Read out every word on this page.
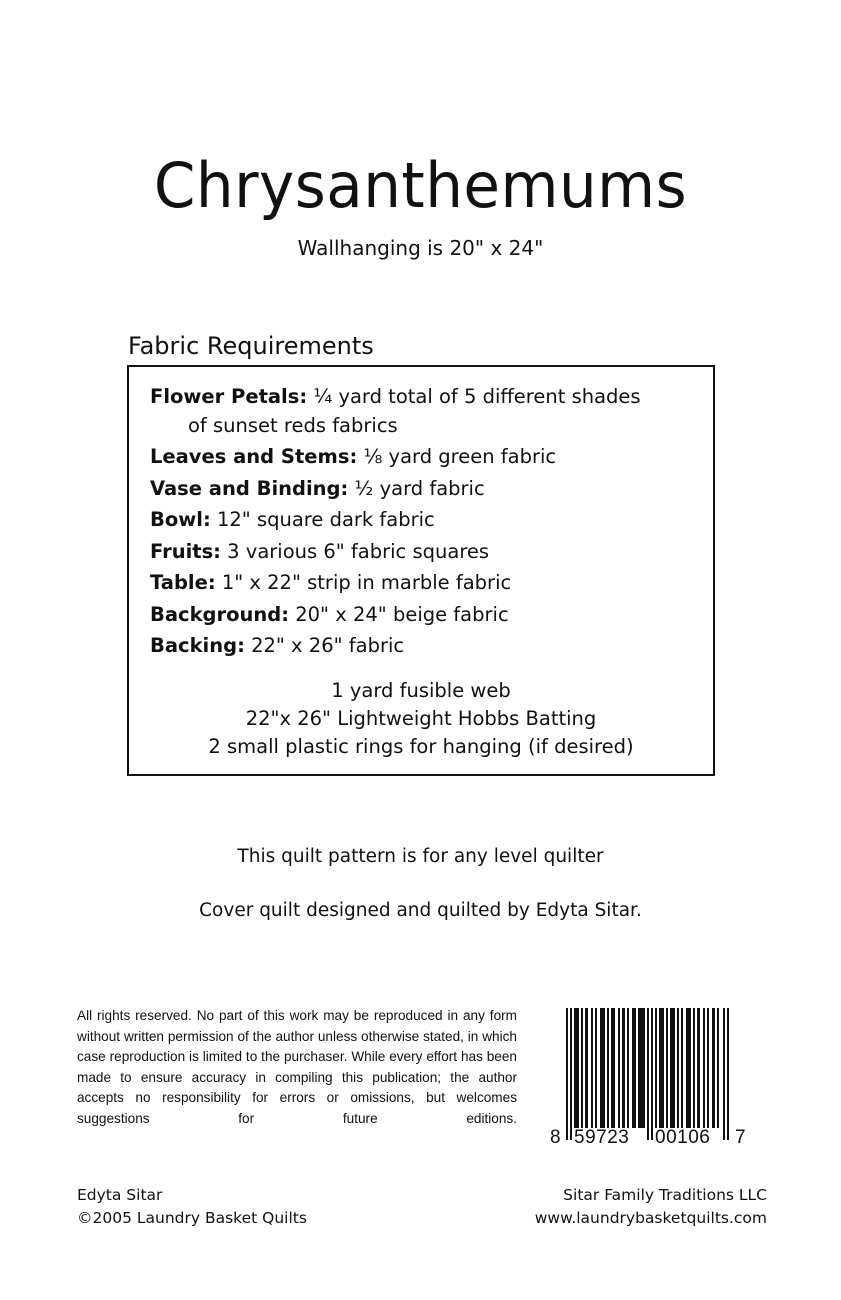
Chrysanthemums
Wallhanging is 20" x 24"
Fabric Requirements
Flower Petals: ¼ yard total of 5 different shades
of sunset reds fabrics
Leaves and Stems: ⅛ yard green fabric
Vase and Binding: ½ yard fabric
Bowl: 12" square dark fabric
Fruits: 3 various 6" fabric squares
Table: 1" x 22" strip in marble fabric
Background: 20" x 24" beige fabric
Backing: 22" x 26" fabric
1 yard fusible web
22"x 26" Lightweight Hobbs Batting
2 small plastic rings for hanging (if desired)
This quilt pattern is for any level quilter
Cover quilt designed and quilted by Edyta Sitar.

All rights reserved. No part of this work may be reproduced in any form without written permission of the author unless otherwise stated, in which case reproduction is limited to the purchaser. While every effort has been made to ensure accuracy in compiling this publication; the author accepts no responsibility for errors or omissions, but welcomes suggestions for future editions.

8 59723	00106	7
Edyta Sitar
©2005 Laundry Basket Quilts
Sitar Family Traditions LLC
www.laundrybasketquilts.com
